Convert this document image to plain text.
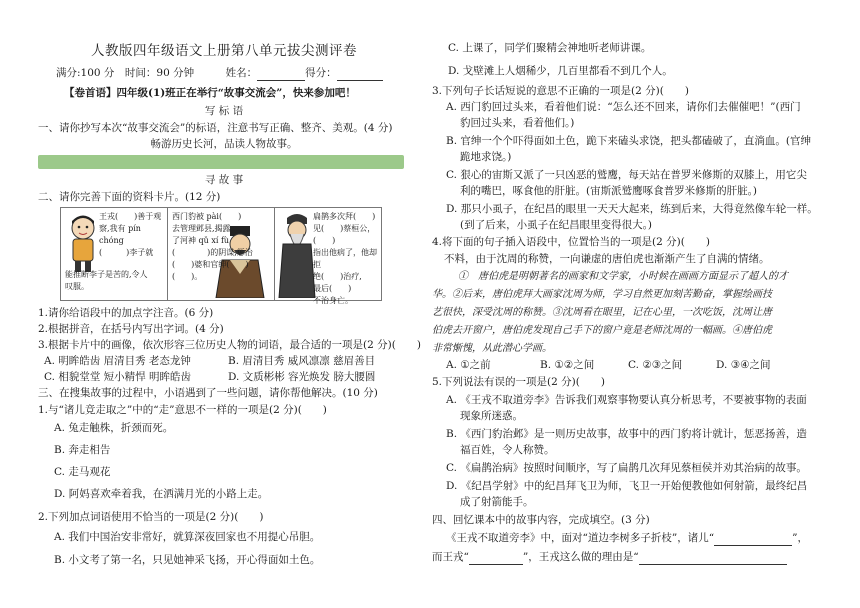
人教版四年级语文上册第八单元拔尖测评卷
满分:100 分　时间：90 分钟　　　姓名：	得分：
【卷首语】四年级(1)班正在举行“故事交流会”，快来参加吧！
写 标 语
一、请你抄写本次“故事交流会”的标语，注意书写正确、整齐、美观。(4 分)
畅游历史长河，品读人物故事。
寻 故 事
二、请你完善下面的资料卡片。(12 分)
王戎(　　)善于观
察,我有 pín chóng
(　　　)李子就
能推断李子是苦的,令人
叹服。
西门豹被 pài(　　)
去管理邺县,揭露
了河神 qǔ xí fù
(　　　　)的阴谋,惩治
(　　)婆和官绅(　　)
(　　)。
扁鹊多次拜(　　)
见(　　)蔡桓公，
(　　)
指出他病了，他却拒
绝(　　)治疗,
最后(　　)
不治身亡。
1.请你给语段中的加点字注音。(6 分)
2.根据拼音，在括号内写出字词。(4 分)
3.根据卡片中的画像，依次形容三位历史人物的词语，最合适的一项是(2 分)(　　)
A. 明眸皓齿 眉清目秀 老态龙钟	B. 眉清目秀 威风凛凛 慈眉善目
C. 相貌堂堂 短小精悍 明眸皓齿	D. 文质彬彬 容光焕发 膀大腰圆
三、在搜集故事的过程中，小语遇到了一些问题，请你帮他解决。(10 分)
1.与“诸儿竞走取之”中的“走”意思不一样的一项是(2 分)(　　)
A. 兔走触株，折颈而死。
B. 奔走相告
C. 走马观花
D. 阿妈喜欢牵着我，在洒满月光的小路上走。
2.下列加点词语使用不恰当的一项是(2 分)(　　)
A. 我们中国治安非常好，就算深夜回家也不用提心吊胆。
B. 小文考了第一名，只见她神采飞扬，开心得面如土色。
C. 上课了，同学们聚精会神地听老师讲课。
D. 戈壁滩上人烟稀少，几百里都看不到几个人。
3.下列句子长话短说的意思不正确的一项是(2 分)(　　)
A. 西门豹回过头来，看着他们说：“怎么还不回来，请你们去催催吧！”(西门
豹回过头来，看着他们。)
B. 官绅一个个吓得面如土色，跪下来磕头求饶，把头都磕破了，直淌血。(官绅
跪地求饶。)
C. 狠心的宙斯又派了一只凶恶的鹫鹰，每天站在普罗米修斯的双膝上，用它尖
利的嘴巴，啄食他的肝脏。(宙斯派鹫鹰啄食普罗米修斯的肝脏。)
D. 那只小虱子，在纪昌的眼里一天天大起来，练到后来，大得竟然像车轮一样。
(到了后来，小虱子在纪昌眼里变得很大。)
4.将下面的句子插入语段中，位置恰当的一项是(2 分)(　　)
不料，由于沈周的称赞，一向谦虚的唐伯虎也渐渐产生了自满的情绪。
①　唐伯虎是明朝著名的画家和文学家，小时候在画画方面显示了超人的才
华。②后来，唐伯虎拜大画家沈周为师，学习自然更加刻苦勤奋，掌握绘画技
艺很快，深受沈周的称赞。③沈周看在眼里，记在心里，一次吃饭，沈周让唐
伯虎去开窗户，唐伯虎发现自己手下的窗户竟是老师沈周的一幅画。④唐伯虎
非常惭愧，从此潜心学画。
A. ①之前	B. ①②之间	C. ②③之间	D. ③④之间
5.下列说法有误的一项是(2 分)(　　)
A. 《王戎不取道旁李》告诉我们观察事物要认真分析思考，不要被事物的表面
现象所迷惑。
B. 《西门豹治邺》是一则历史故事，故事中的西门豹将计就计，惩恶扬善，造
福百姓，令人称赞。
C. 《扁鹊治病》按照时间顺序，写了扁鹊几次拜见蔡桓侯并劝其治病的故事。
D. 《纪昌学射》中的纪昌拜飞卫为师，飞卫一开始便教他如何射箭，最终纪昌
成了射箭能手。
四、回忆课本中的故事内容，完成填空。(3 分)
《王戎不取道旁李》中，面对“道边李树多子折枝”，诸儿“	”，
而王戎“	”，王戎这么做的理由是“
